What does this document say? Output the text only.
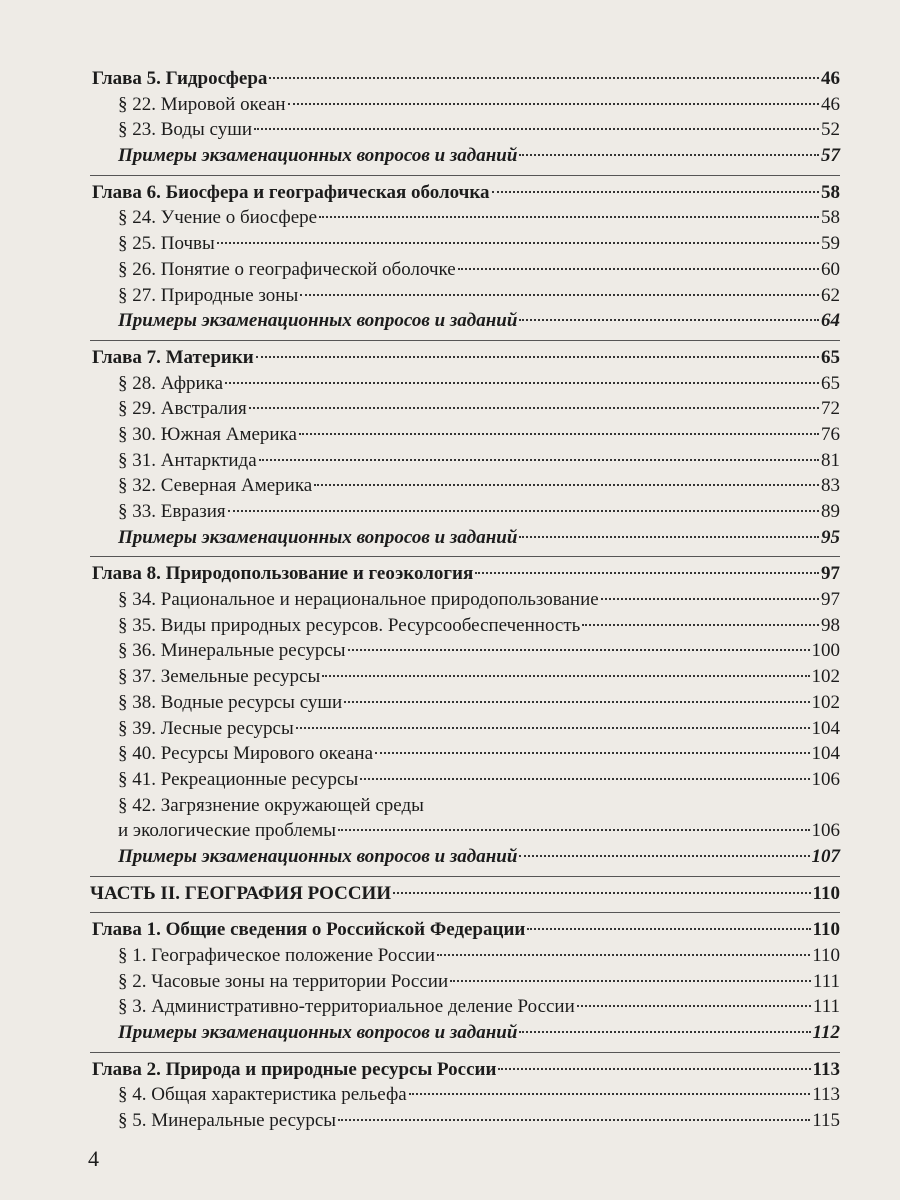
Глава 5. Гидросфера	46
§ 22. Мировой океан	46
§ 23. Воды суши	52
Примеры экзаменационных вопросов и заданий	57
Глава 6. Биосфера и географическая оболочка	58
§ 24. Учение о биосфере	58
§ 25. Почвы	59
§ 26. Понятие о географической оболочке	60
§ 27. Природные зоны	62
Примеры экзаменационных вопросов и заданий	64
Глава 7. Материки	65
§ 28. Африка	65
§ 29. Австралия	72
§ 30. Южная Америка	76
§ 31. Антарктида	81
§ 32. Северная Америка	83
§ 33. Евразия	89
Примеры экзаменационных вопросов и заданий	95
Глава 8. Природопользование и геоэкология	97
§ 34. Рациональное и нерациональное природопользование	97
§ 35. Виды природных ресурсов. Ресурсообеспеченность	98
§ 36. Минеральные ресурсы	100
§ 37. Земельные ресурсы	102
§ 38. Водные ресурсы суши	102
§ 39. Лесные ресурсы	104
§ 40. Ресурсы Мирового океана	104
§ 41. Рекреационные ресурсы	106
§ 42. Загрязнение окружающей среды
и экологические проблемы	106
Примеры экзаменационных вопросов и заданий	107
ЧАСТЬ II. ГЕОГРАФИЯ РОССИИ	110
Глава 1. Общие сведения о Российской Федерации	110
§ 1. Географическое положение России	110
§ 2. Часовые зоны на территории России	111
§ 3. Административно-территориальное деление России	111
Примеры экзаменационных вопросов и заданий	112
Глава 2. Природа и природные ресурсы России	113
§ 4. Общая характеристика рельефа	113
§ 5. Минеральные ресурсы	115
4
